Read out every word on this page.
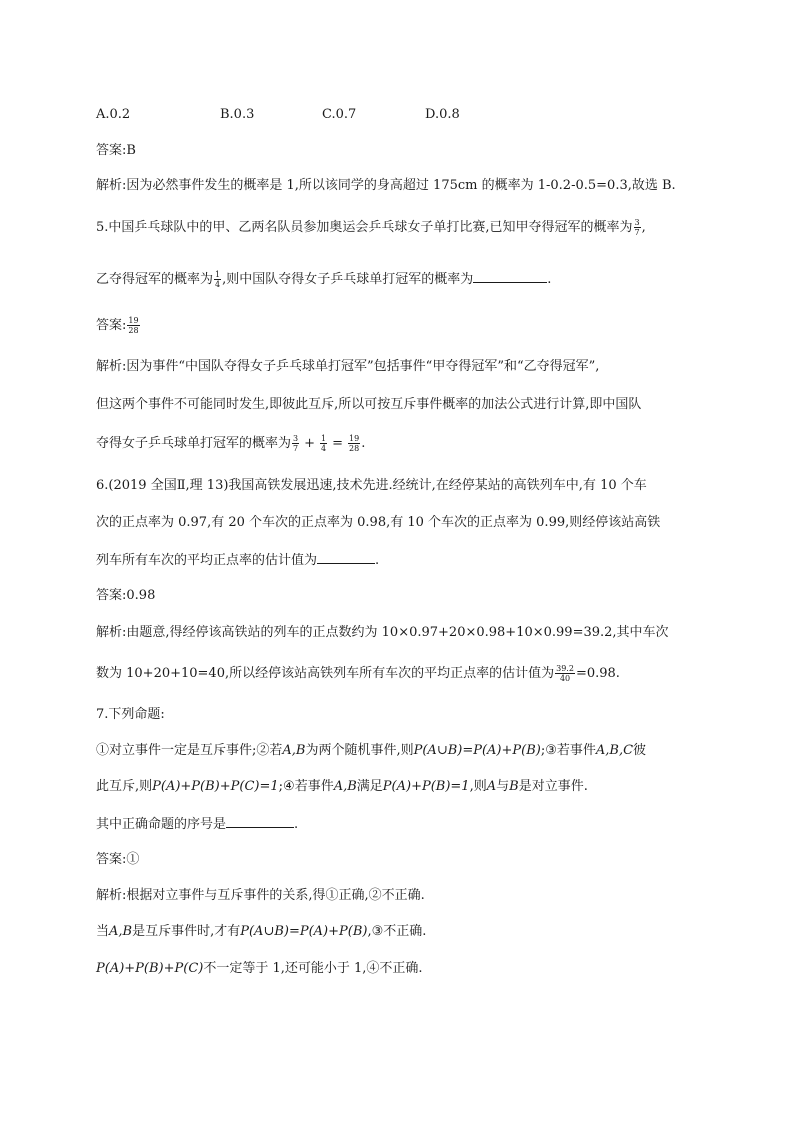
A.0.2	B.0.3	C.0.7	D.0.8
答案:B
解析:因为必然事件发生的概率是 1,所以该同学的身高超过 175cm 的概率为 1-0.2-0.5=0.3,故选 B.
5.中国乒乓球队中的甲、乙两名队员参加奥运会乒乓球女子单打比赛,已知甲夺得冠军的概率为 $\frac{3}{7}$ ,
乙夺得冠军的概率为 $\frac{1}{4}$ ,则中国队夺得女子乒乓球单打冠军的概率为	.
答案: $\frac{19}{28}$
解析:因为事件“中国队夺得女子乒乓球单打冠军”包括事件“甲夺得冠军”和“乙夺得冠军”,
但这两个事件不可能同时发生,即彼此互斥,所以可按互斥事件概率的加法公式进行计算,即中国队
夺得女子乒乓球单打冠军的概率为 $\frac{3}{7} + \frac{1}{4} = \frac{19}{28}$ .
6.(2019 全国Ⅱ,理 13)我国高铁发展迅速,技术先进.经统计,在经停某站的高铁列车中,有 10 个车
次的正点率为 0.97,有 20 个车次的正点率为 0.98,有 10 个车次的正点率为 0.99,则经停该站高铁
列车所有车次的平均正点率的估计值为	.
答案:0.98
解析:由题意,得经停该高铁站的列车的正点数约为 10×0.97+20×0.98+10×0.99=39.2,其中车次
数为 10+20+10=40,所以经停该站高铁列车所有车次的平均正点率的估计值为 $\frac{39.2}{40} =0.98$.
7.下列命题:
①对立事件一定是互斥事件;②若A,B为两个随机事件,则P(A∪B)=P(A)+P(B);③若事件A,B,C彼
此互斥,则P(A)+P(B)+P(C)=1;④若事件A,B满足P(A)+P(B)=1,则A与B是对立事件.
其中正确命题的序号是	.
答案:①
解析:根据对立事件与互斥事件的关系,得①正确,②不正确.
当A,B是互斥事件时,才有P(A∪B)=P(A)+P(B),③不正确.
P(A)+P(B)+P(C)不一定等于 1,还可能小于 1,④不正确.
